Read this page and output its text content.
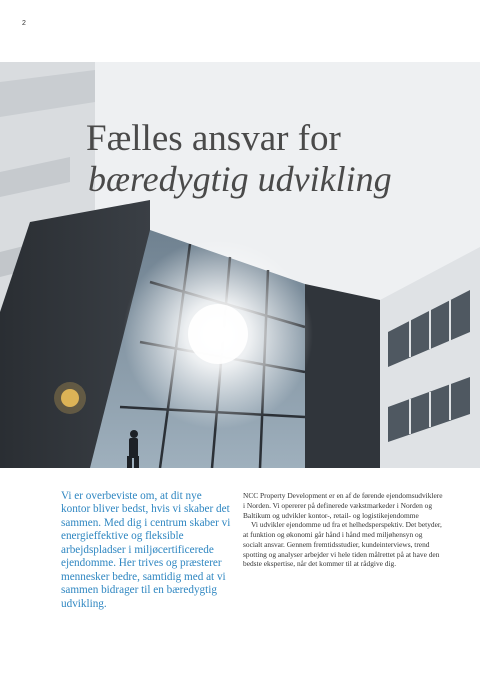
2
Fælles ansvar for
bæredygtig udvikling
Vi er overbeviste om, at dit nye kontor bliver bedst, hvis vi skaber det sammen. Med dig i centrum skaber vi energieffektive og fleksible arbejdspladser i miljøcertificerede ejendomme. Her trives og præsterer mennesker bedre, samtidig med at vi sammen bidrager til en bæredygtig udvikling.

NCC Property Development er en af de førende ejendomsudviklere i Norden. Vi opererer på definerede vækstmarkeder i Norden og Baltikum og udvikler kontor-, retail- og logistikejendomme

Vi udvikler ejendomme ud fra et helhedsperspektiv. Det betyder, at funktion og økonomi går hånd i hånd med miljøhensyn og socialt ansvar. Gennem fremtidsstudier, kundeinterviews, trend spotting og analyser arbejder vi hele tiden målrettet på at have den bedste ekspertise, når det kommer til at rådgive dig.
